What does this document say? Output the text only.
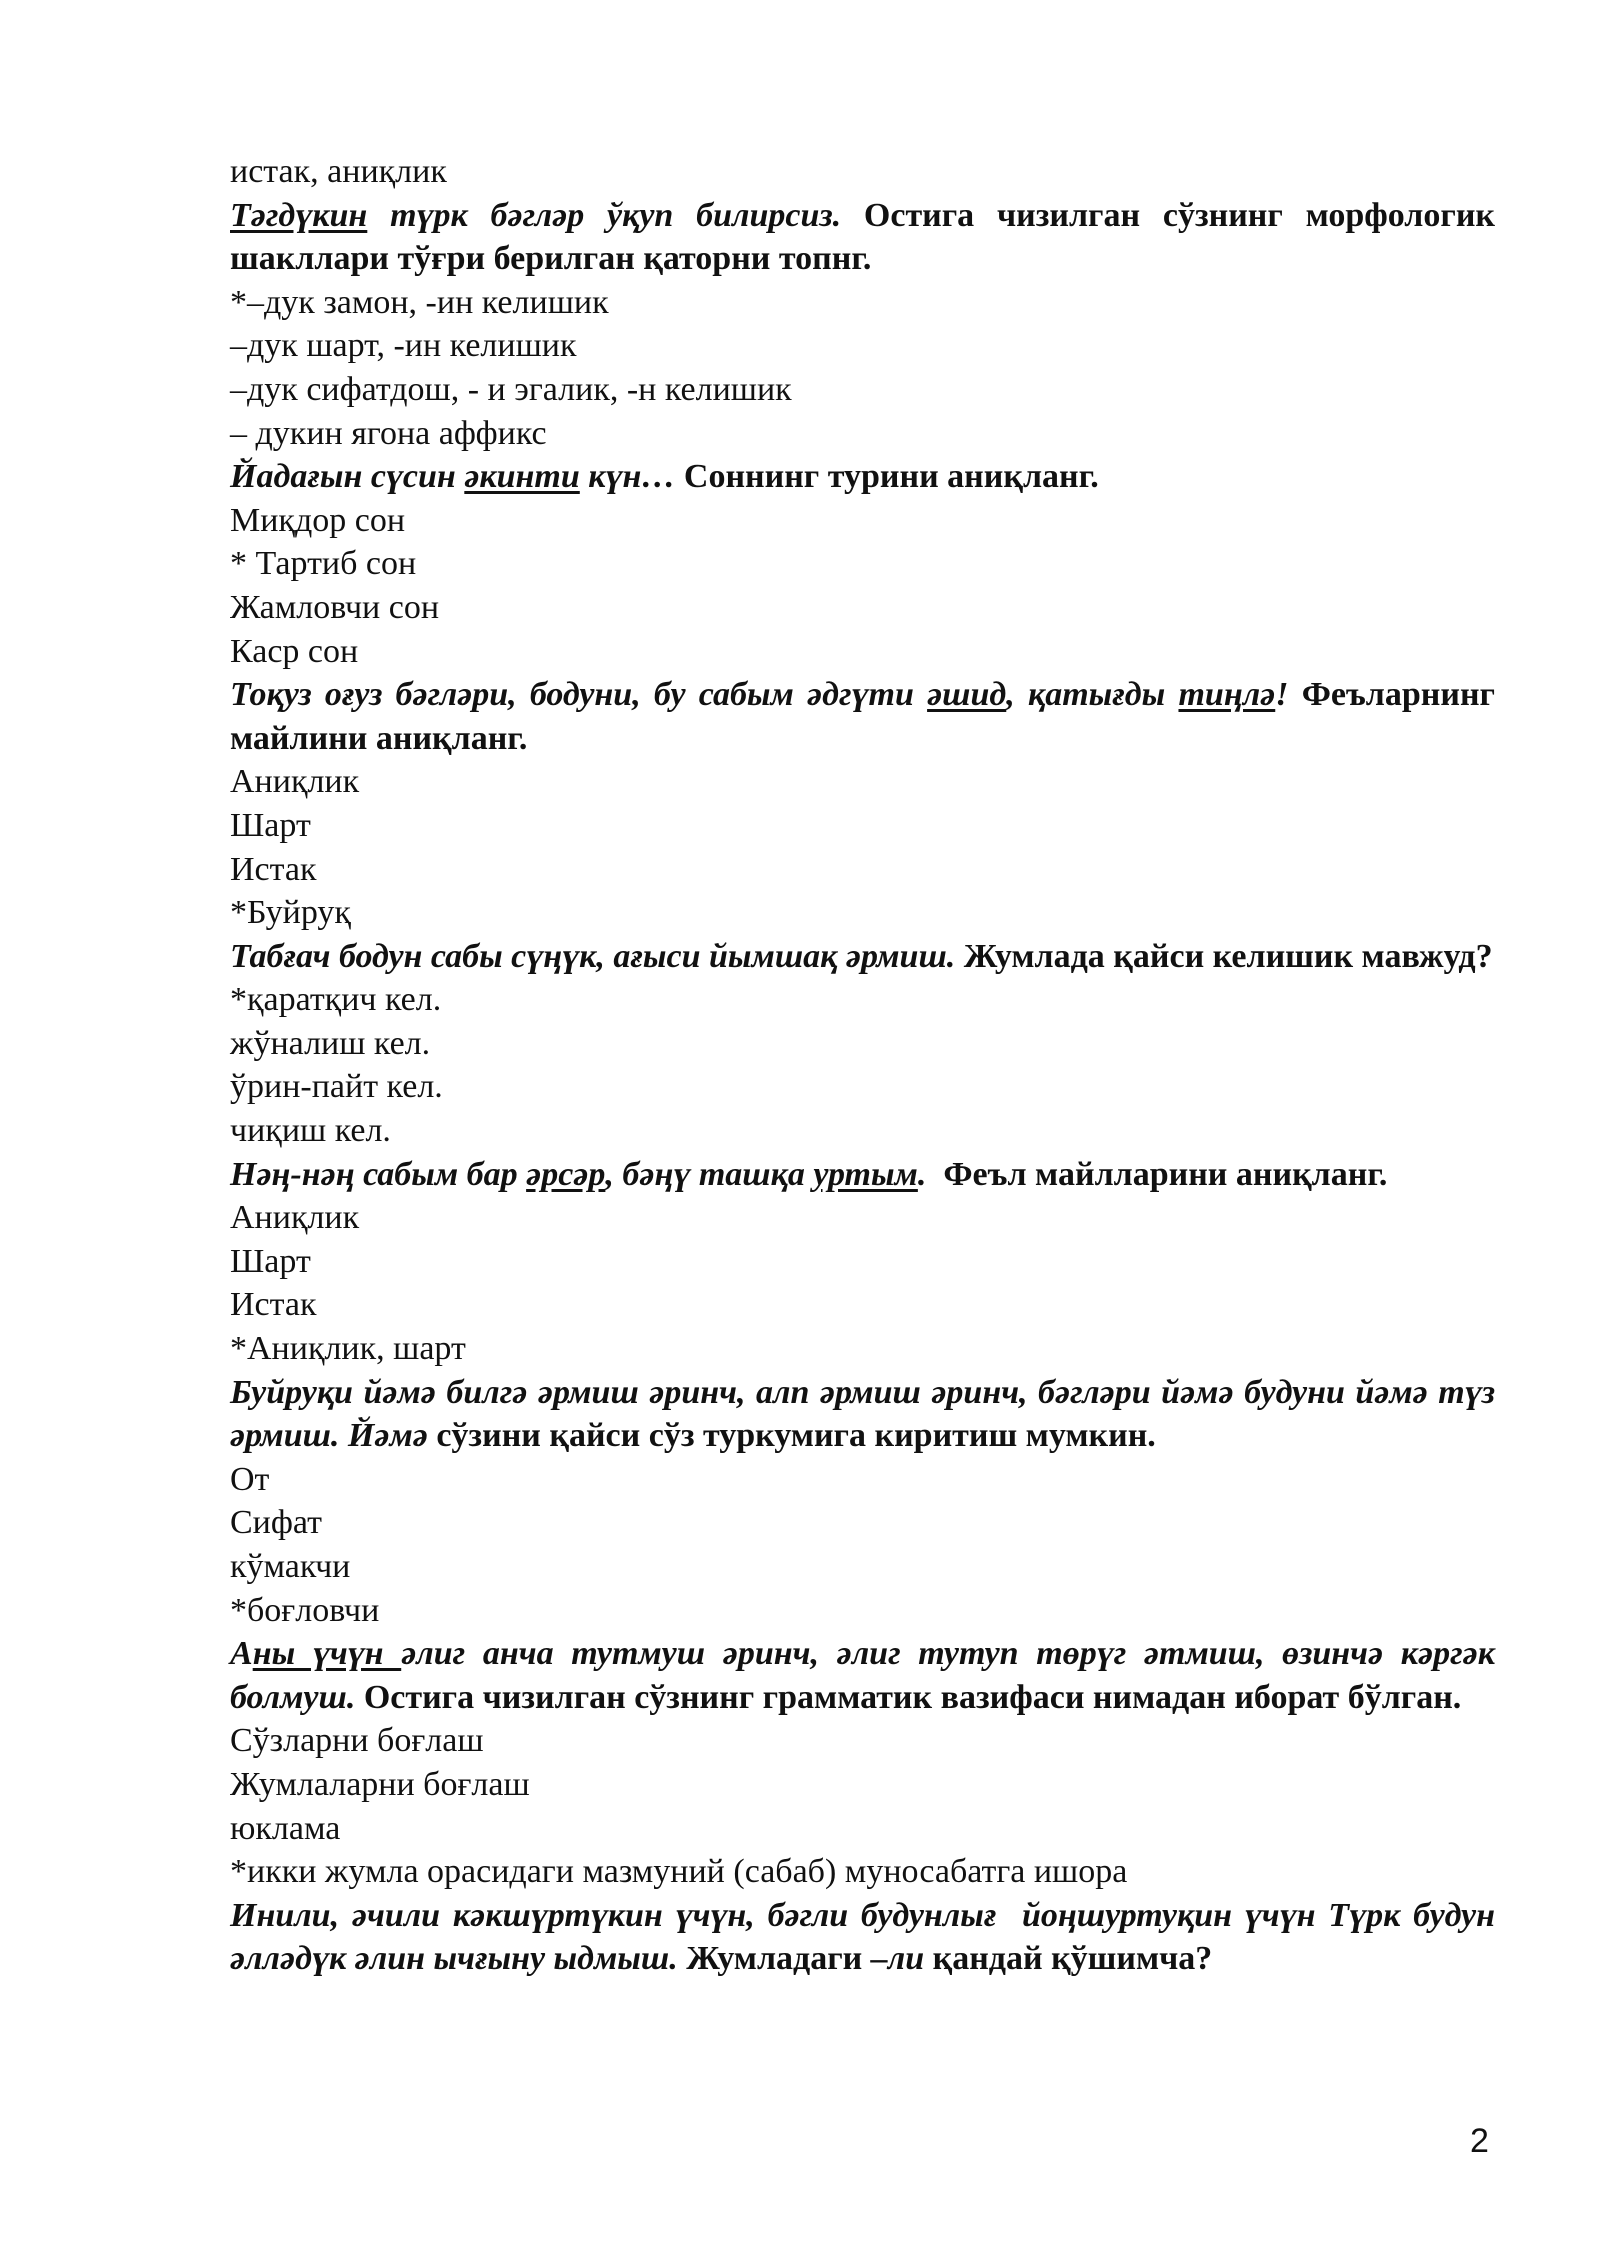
истак, аниқлик

Тәгдүкин түрк бәгләр ўқуп билирсиз. Остига чизилган сўзнинг морфологик шакллари тўғри берилган қаторни топнг.

*–дук замон, -ин келишик

–дук шарт, -ин келишик

–дук сифатдош, - и эгалик, -н келишик

– дукин ягона аффикс

Йадағын сүсин әкинти күн… Соннинг турини аниқланг.

Миқдор сон

* Тартиб сон

Жамловчи сон

Каср сон

Тоқуз оғуз бәгләри, бодуни, бу сабым әдгүти әшид, қатығды тиңлә! Феъларнинг майлини аниқланг.

Аниқлик

Шарт

Истак

*Буйруқ

Табғач бодун сабы сүңүк, ағыси йымшақ әрмиш. Жумлада қайси келишик мавжуд?

*қаратқич кел.

жўналиш кел.

ўрин-пайт кел.

чиқиш кел.

Нәң-нәң сабым бар әрсәр, бәңү ташқа уртым.  Феъл майлларини аниқланг.

Аниқлик

Шарт

Истак

*Аниқлик, шарт

Буйруқи йәмә билгә әрмиш әринч, алп әрмиш әринч, бәгләри йәмә будуни йәмә түз әрмиш. Йәмә сўзини қайси сўз туркумига киритиш мумкин.

От

Сифат

кўмакчи

*боғловчи

Аны үчүн әлиг анча тутмуш әринч, әлиг тутуп төрүг әтмиш, өзинчә кәргәк болмуш. Остига чизилган сўзнинг грамматик вазифаси нимадан иборат бўлган.

Сўзларни боғлаш

Жумлаларни боғлаш

юклама

*икки жумла орасидаги мазмуний (сабаб) муносабатга ишора

Инили, әчили кәкшүртүкин үчүн, бәгли будунлығ  йоңшуртуқин үчүн Түрк будун әлләдүк әлин ычғыну ыдмыш. Жумладаги –ли қандай қўшимча?

2
